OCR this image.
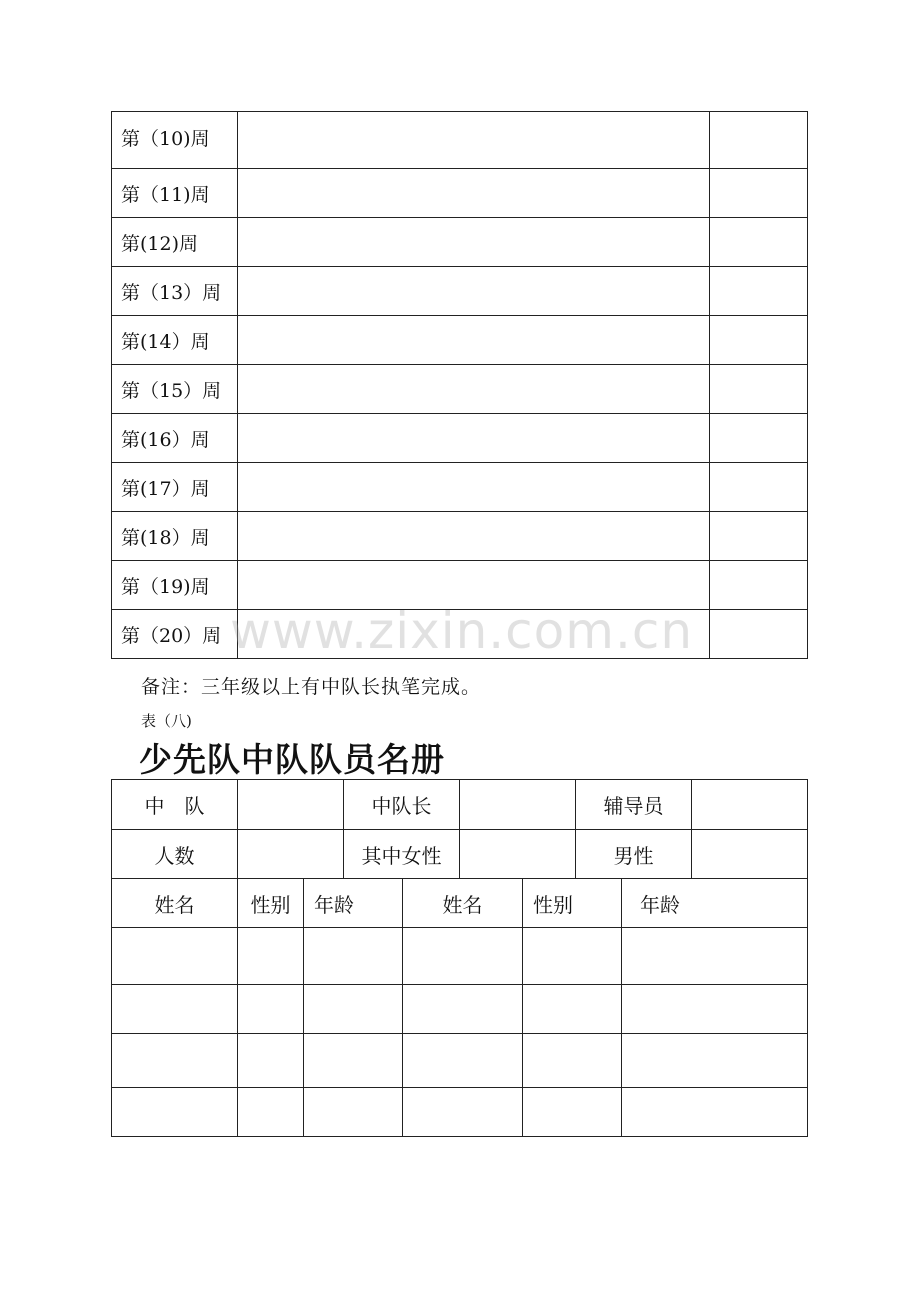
第（10)周		
第（11)周		
第(12)周		
第（13）周		
第(14）周		
第（15）周		
第(16）周		
第(17）周		
第(18）周		
第（19)周		
第（20）周		www.zixin.com.cn
备注：三年级以上有中队长执笔完成。
表（八)
少先队中队队员名册
中　队		中队长		辅导员	
人数		其中女性		男性	
姓名	性别	年龄	姓名	性别	年龄
